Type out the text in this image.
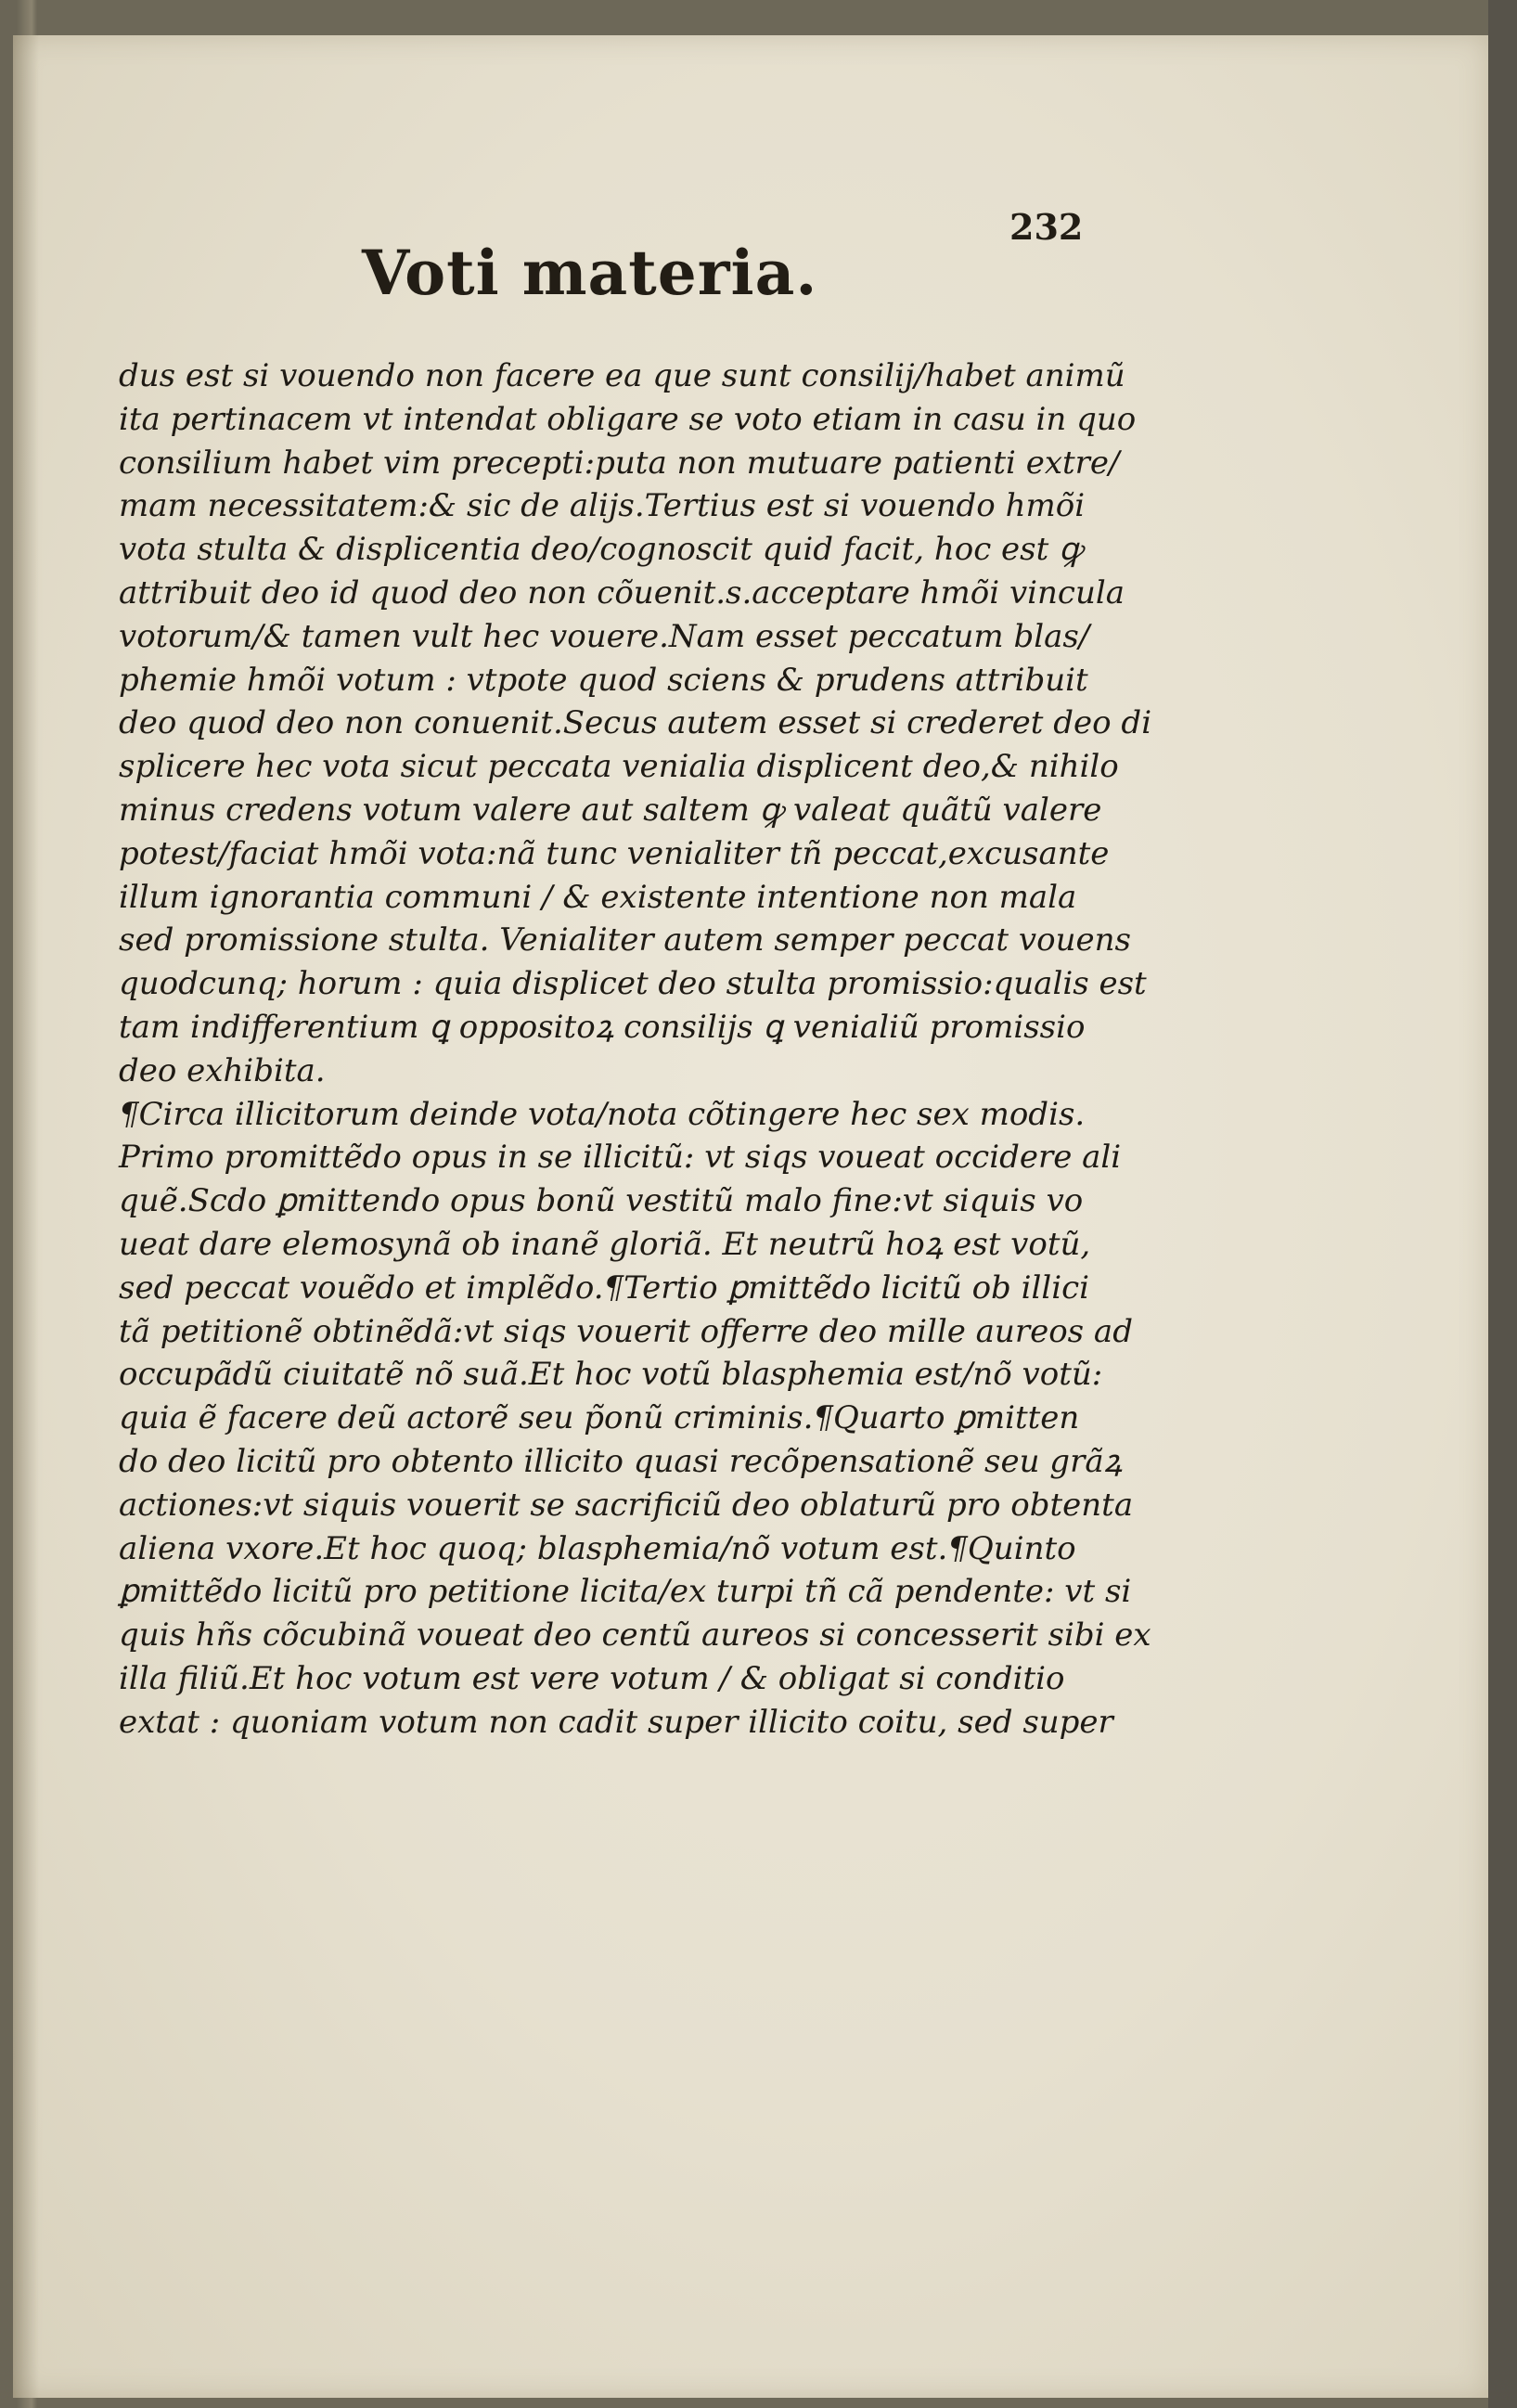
Voti materia.
232
dus est si vouendo non facere ea que sunt consilij/habet animũ
ita pertinacem vt intendat obligare se voto etiam in casu in quo
consilium habet vim precepti:puta non mutuare patienti extre/
mam necessitatem:& sic de alijs.Tertius est si vouendo hmõi
vota stulta & displicentia deo/cognoscit quid facit, hoc est ꝙ
attribuit deo id quod deo non cõuenit.s.acceptare hmõi vincula
votorum/& tamen vult hec vouere.Nam esset peccatum blas/
phemie hmõi votum : vtpote quod sciens & prudens attribuit
deo quod deo non conuenit.Secus autem esset si crederet deo di
splicere hec vota sicut peccata venialia displicent deo,& nihilo
minus credens votum valere aut saltem ꝙ valeat quãtũ valere
potest/faciat hmõi vota:nã tunc venialiter tñ peccat,excusante
illum ignorantia communi / & existente intentione non mala
sed promissione stulta. Venialiter autem semper peccat vouens
quodcunq; horum : quia displicet deo stulta promissio:qualis est
tam indifferentium ꝗ oppositoꝝ consilijs ꝗ venialiũ promissio
deo exhibita.
¶Circa illicitorum deinde vota/nota cõtingere hec sex modis.
Primo promittẽdo opus in se illicitũ: vt siqs voueat occidere ali
quẽ.Scdo ꝑmittendo opus bonũ vestitũ malo fine:vt siquis vo
ueat dare elemosynã ob inanẽ gloriã. Et neutrũ hoꝝ est votũ,
sed peccat vouẽdo et implẽdo.¶Tertio ꝑmittẽdo licitũ ob illici
tã petitionẽ obtinẽdã:vt siqs vouerit offerre deo mille aureos ad
occupãdũ ciuitatẽ nõ suã.Et hoc votũ blasphemia est/nõ votũ:
quia ẽ facere deũ actorẽ seu p̃onũ criminis.¶Quarto ꝑmitten
do deo licitũ pro obtento illicito quasi recõpensationẽ seu grãꝝ
actiones:vt siquis vouerit se sacrificiũ deo oblaturũ pro obtenta
aliena vxore.Et hoc quoq; blasphemia/nõ votum est.¶Quinto
ꝑmittẽdo licitũ pro petitione licita/ex turpi tñ cã pendente: vt si
quis hñs cõcubinã voueat deo centũ aureos si concesserit sibi ex
illa filiũ.Et hoc votum est vere votum / & obligat si conditio
extat : quoniam votum non cadit super illicito coitu, sed super
